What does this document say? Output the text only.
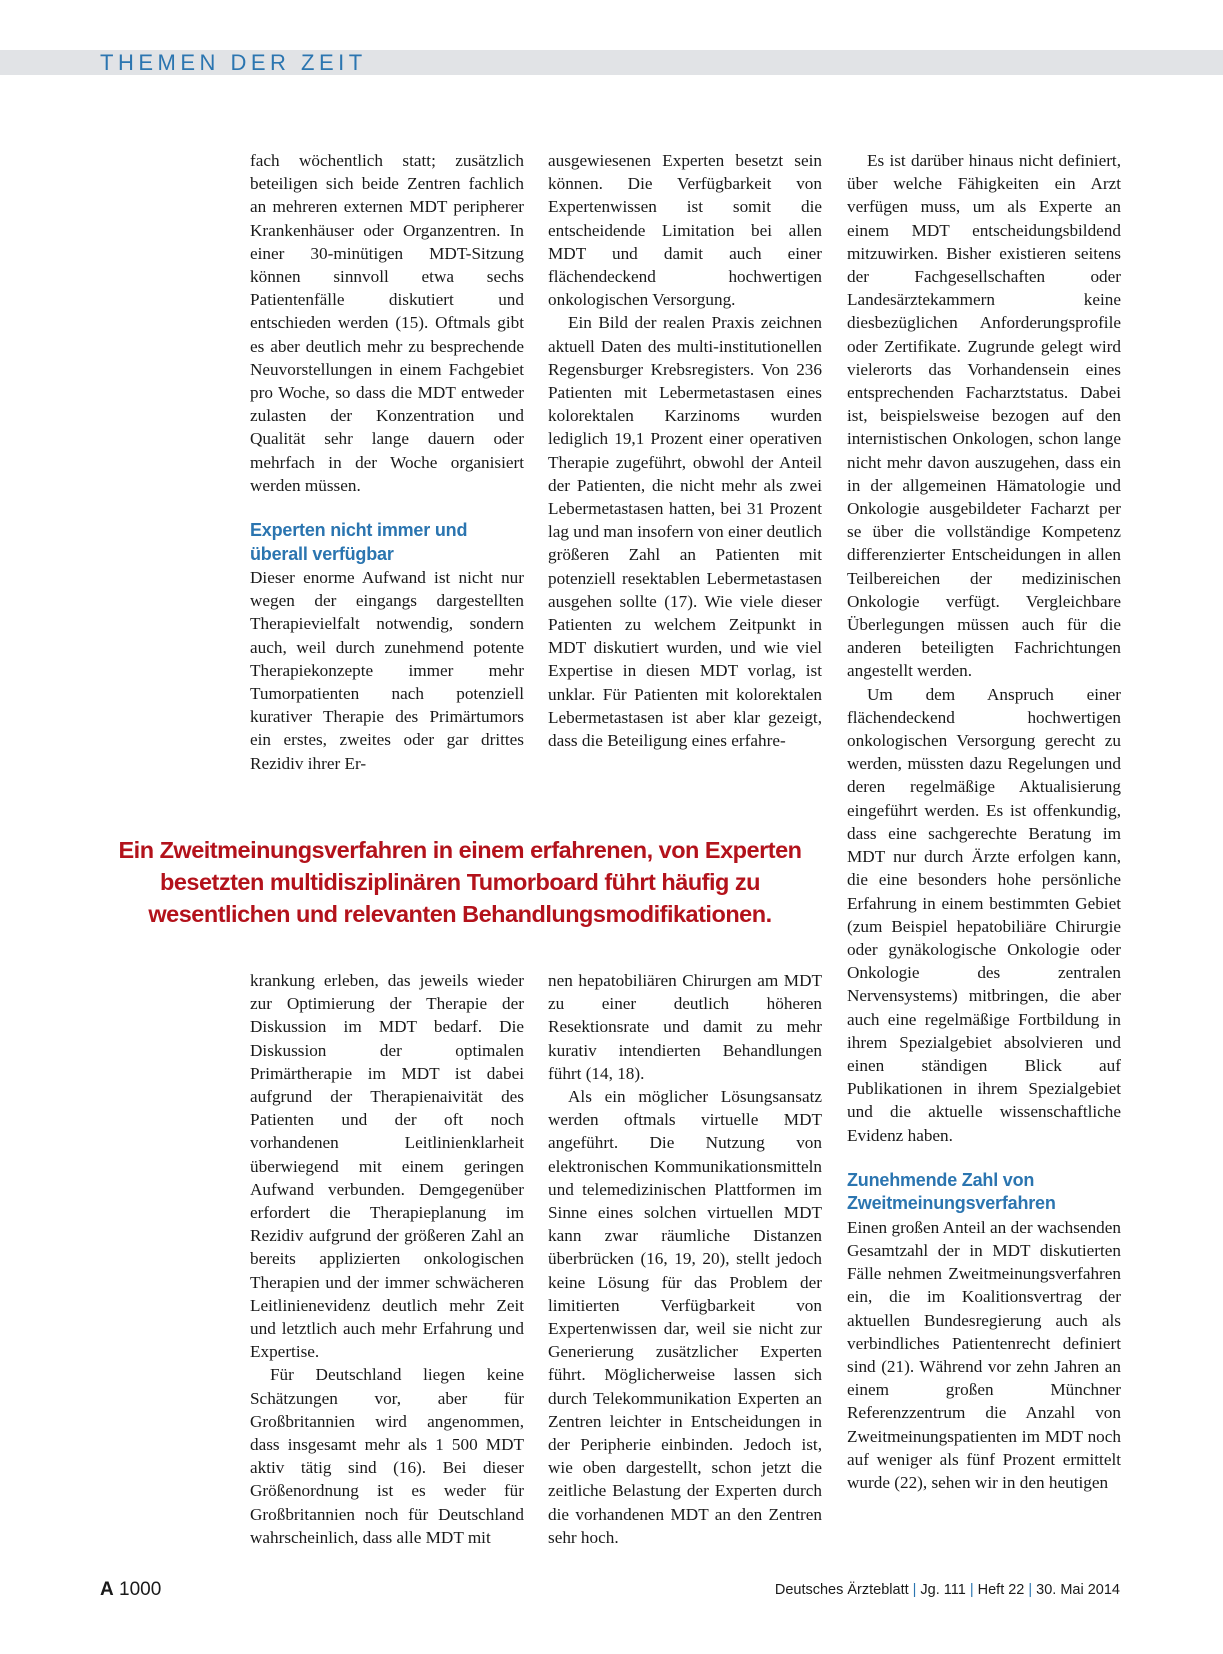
THEMEN DER ZEIT

fach wöchentlich statt; zusätzlich beteiligen sich beide Zentren fachlich an mehreren externen MDT peripherer Krankenhäuser oder Organzentren. In einer 30-minütigen MDT-Sitzung können sinnvoll etwa sechs Patientenfälle diskutiert und entschieden werden (15). Oftmals gibt es aber deutlich mehr zu besprechende Neuvorstellungen in einem Fachgebiet pro Woche, so dass die MDT entweder zulasten der Konzentration und Qualität sehr lange dauern oder mehrfach in der Woche organisiert werden müssen.

Experten nicht immer und überall verfügbar

Dieser enorme Aufwand ist nicht nur wegen der eingangs dargestellten Therapievielfalt notwendig, sondern auch, weil durch zunehmend potente Therapiekonzepte immer mehr Tumorpatienten nach potenziell kurativer Therapie des Primärtumors ein erstes, zweites oder gar drittes Rezidiv ihrer Er-

ausgewiesenen Experten besetzt sein können. Die Verfügbarkeit von Expertenwissen ist somit die entscheidende Limitation bei allen MDT und damit auch einer flächendeckend hochwertigen onkologischen Versorgung.

Ein Bild der realen Praxis zeichnen aktuell Daten des multi-institutionellen Regensburger Krebsregisters. Von 236 Patienten mit Lebermetastasen eines kolorektalen Karzinoms wurden lediglich 19,1 Prozent einer operativen Therapie zugeführt, obwohl der Anteil der Patienten, die nicht mehr als zwei Lebermetastasen hatten, bei 31 Prozent lag und man insofern von einer deutlich größeren Zahl an Patienten mit potenziell resektablen Lebermetastasen ausgehen sollte (17). Wie viele dieser Patienten zu welchem Zeitpunkt in MDT diskutiert wurden, und wie viel Expertise in diesen MDT vorlag, ist unklar. Für Patienten mit kolorektalen Lebermetastasen ist aber klar gezeigt, dass die Beteiligung eines erfahre-

Es ist darüber hinaus nicht definiert, über welche Fähigkeiten ein Arzt verfügen muss, um als Experte an einem MDT entscheidungsbildend mitzuwirken. Bisher existieren seitens der Fachgesellschaften oder Landesärztekammern keine diesbezüglichen Anforderungsprofile oder Zertifikate. Zugrunde gelegt wird vielerorts das Vorhandensein eines entsprechenden Facharztstatus. Dabei ist, beispielsweise bezogen auf den internistischen Onkologen, schon lange nicht mehr davon auszugehen, dass ein in der allgemeinen Hämatologie und Onkologie ausgebildeter Facharzt per se über die vollständige Kompetenz differenzierter Entscheidungen in allen Teilbereichen der medizinischen Onkologie verfügt. Vergleichbare Überlegungen müssen auch für die anderen beteiligten Fachrichtungen angestellt werden.

Um dem Anspruch einer flächendeckend hochwertigen onkologischen Versorgung gerecht zu werden, müssten dazu Regelungen und deren regelmäßige Aktualisierung eingeführt werden. Es ist offenkundig, dass eine sachgerechte Beratung im MDT nur durch Ärzte erfolgen kann, die eine besonders hohe persönliche Erfahrung in einem bestimmten Gebiet (zum Beispiel hepatobiliäre Chirurgie oder gynäkologische Onkologie oder Onkologie des zentralen Nervensystems) mitbringen, die aber auch eine regelmäßige Fortbildung in ihrem Spezialgebiet absolvieren und einen ständigen Blick auf Publikationen in ihrem Spezialgebiet und die aktuelle wissenschaftliche Evidenz haben.

Zunehmende Zahl von Zweitmeinungsverfahren

Einen großen Anteil an der wachsenden Gesamtzahl der in MDT diskutierten Fälle nehmen Zweitmeinungsverfahren ein, die im Koalitionsvertrag der aktuellen Bundesregierung auch als verbindliches Patientenrecht definiert sind (21). Während vor zehn Jahren an einem großen Münchner Referenzzentrum die Anzahl von Zweitmeinungspatienten im MDT noch auf weniger als fünf Prozent ermittelt wurde (22), sehen wir in den heutigen

Ein Zweitmeinungsverfahren in einem erfahrenen, von Experten besetzten multidisziplinären Tumorboard führt häufig zu wesentlichen und relevanten Behandlungsmodifikationen.

krankung erleben, das jeweils wieder zur Optimierung der Therapie der Diskussion im MDT bedarf. Die Diskussion der optimalen Primärtherapie im MDT ist dabei aufgrund der Therapienaivität des Patienten und der oft noch vorhandenen Leitlinienklarheit überwiegend mit einem geringen Aufwand verbunden. Demgegenüber erfordert die Therapieplanung im Rezidiv aufgrund der größeren Zahl an bereits applizierten onkologischen Therapien und der immer schwächeren Leitlinienevidenz deutlich mehr Zeit und letztlich auch mehr Erfahrung und Expertise.

Für Deutschland liegen keine Schätzungen vor, aber für Großbritannien wird angenommen, dass insgesamt mehr als 1 500 MDT aktiv tätig sind (16). Bei dieser Größenordnung ist es weder für Großbritannien noch für Deutschland wahrscheinlich, dass alle MDT mit

nen hepatobiliären Chirurgen am MDT zu einer deutlich höheren Resektionsrate und damit zu mehr kurativ intendierten Behandlungen führt (14, 18).

Als ein möglicher Lösungsansatz werden oftmals virtuelle MDT angeführt. Die Nutzung von elektronischen Kommunikationsmitteln und telemedizinischen Plattformen im Sinne eines solchen virtuellen MDT kann zwar räumliche Distanzen überbrücken (16, 19, 20), stellt jedoch keine Lösung für das Problem der limitierten Verfügbarkeit von Expertenwissen dar, weil sie nicht zur Generierung zusätzlicher Experten führt. Möglicherweise lassen sich durch Telekommunikation Experten an Zentren leichter in Entscheidungen in der Peripherie einbinden. Jedoch ist, wie oben dargestellt, schon jetzt die zeitliche Belastung der Experten durch die vorhandenen MDT an den Zentren sehr hoch.

A 1000	Deutsches Ärzteblatt | Jg. 111 | Heft 22 | 30. Mai 2014
